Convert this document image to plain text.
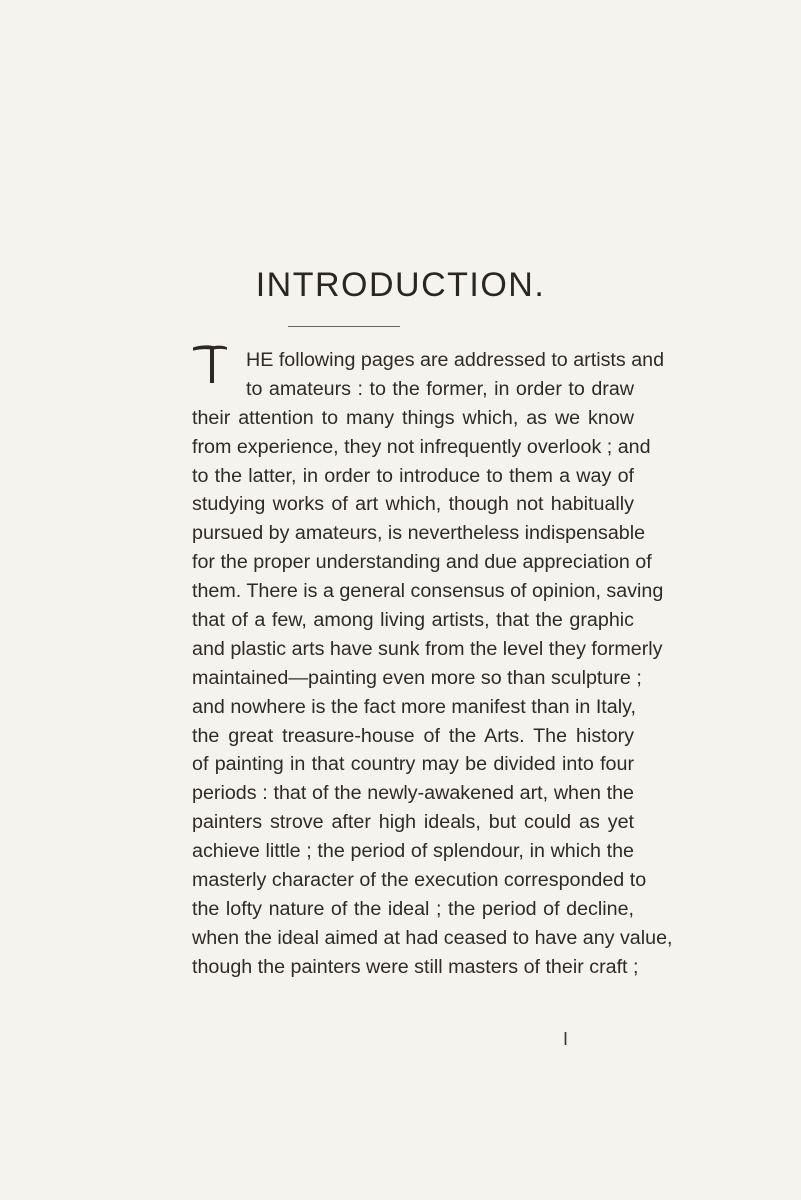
INTRODUCTION.
HE following pages are addressed to artists and
to amateurs : to the former, in order to draw
their attention to many things which, as we know
from experience, they not infrequently overlook ; and
to the latter, in order to introduce to them a way of
studying works of art which, though not habitually
pursued by amateurs, is nevertheless indispensable
for the proper understanding and due appreciation of
them. There is a general consensus of opinion, saving
that of a few, among living artists, that the graphic
and plastic arts have sunk from the level they formerly
maintained—painting even more so than sculpture ;
and nowhere is the fact more manifest than in Italy,
the great treasure-house of the Arts. The history
of painting in that country may be divided into four
periods : that of the newly-awakened art, when the
painters strove after high ideals, but could as yet
achieve little ; the period of splendour, in which the
masterly character of the execution corresponded to
the lofty nature of the ideal ; the period of decline,
when the ideal aimed at had ceased to have any value,
though the painters were still masters of their craft ;
I
